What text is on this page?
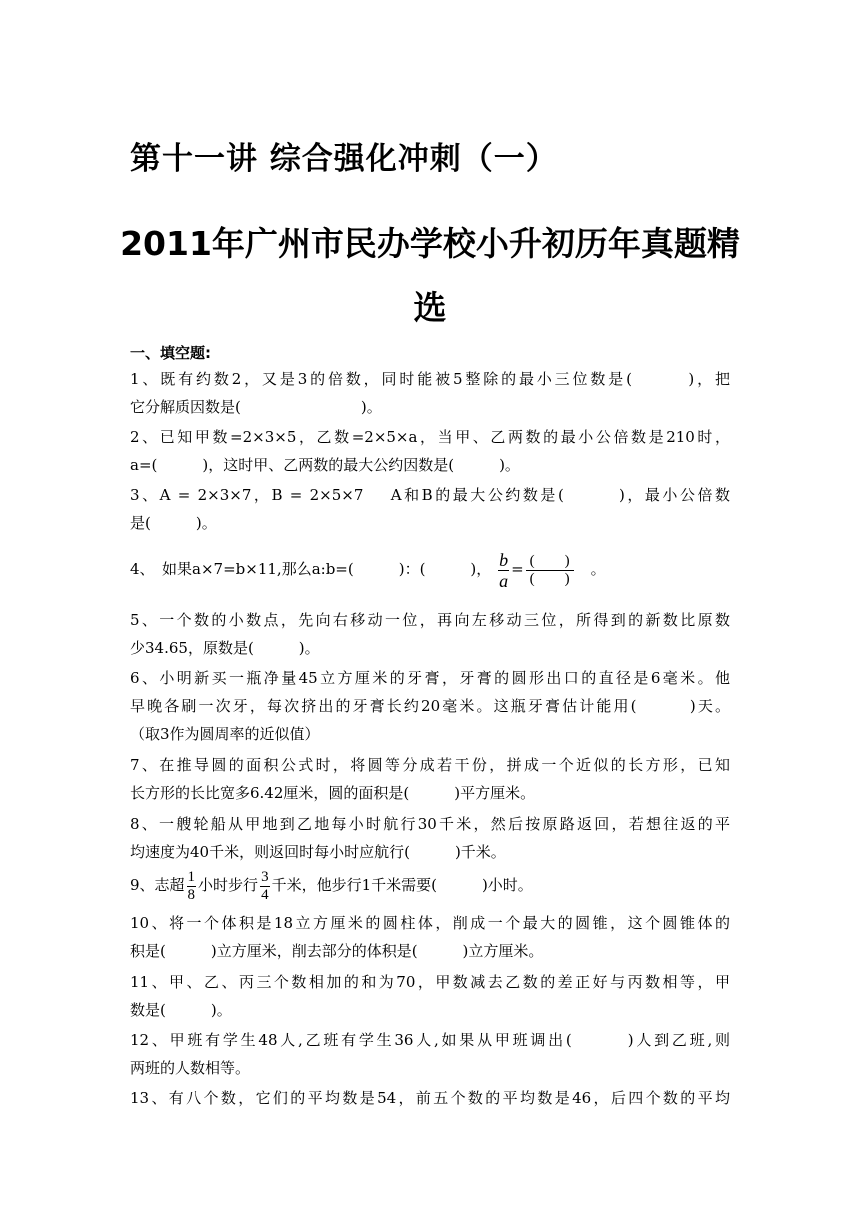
第十一讲 综合强化冲刺（一）
2011年广州市民办学校小升初历年真题精
选
一、填空题:
1、既有约数2，又是3的倍数，同时能被5整除的最小三位数是(　　　)，把
它分解质因数是(　　　　　　　　)。
2、已知甲数=2×3×5，乙数=2×5×a，当甲、乙两数的最小公倍数是210时，
a=(　　　)，这时甲、乙两数的最大公约因数是(　　　)。
3、A = 2×3×7，B = 2×5×7　 A和B的最大公约数是(　　　)，最小公倍数
是(　　　)。
4、　如果a×7=b×11,那么a:b=(　　　)：(　　　)， $\frac{b}{a} = \frac{( )}{( )}$ 　。
5、一个数的小数点，先向右移动一位，再向左移动三位，所得到的新数比原数
少34.65，原数是(　　　)。
6、小明新买一瓶净量45立方厘米的牙膏，牙膏的圆形出口的直径是6毫米。他
早晚各刷一次牙，每次挤出的牙膏长约20毫米。这瓶牙膏估计能用(　　　)天。
（取3作为圆周率的近似值）
7、在推导圆的面积公式时，将圆等分成若干份，拼成一个近似的长方形，已知
长方形的长比宽多6.42厘米，圆的面积是(　　　)平方厘米。
8、一艘轮船从甲地到乙地每小时航行30千米，然后按原路返回，若想往返的平
均速度为40千米，则返回时每小时应航行(　　　)千米。
9、志超 $\frac{1}{8}$ 小时步行 $\frac{3}{4}$ 千米，他步行1千米需要(　　　)小时。
10、将一个体积是18立方厘米的圆柱体，削成一个最大的圆锥，这个圆锥体的
积是(　　　)立方厘米，削去部分的体积是(　　　)立方厘米。
11、甲、乙、丙三个数相加的和为70，甲数减去乙数的差正好与丙数相等，甲
数是(　　　)。
12、甲班有学生48人,乙班有学生36人,如果从甲班调出(　　　)人到乙班,则
两班的人数相等。
13、有八个数，它们的平均数是54，前五个数的平均数是46，后四个数的平均
